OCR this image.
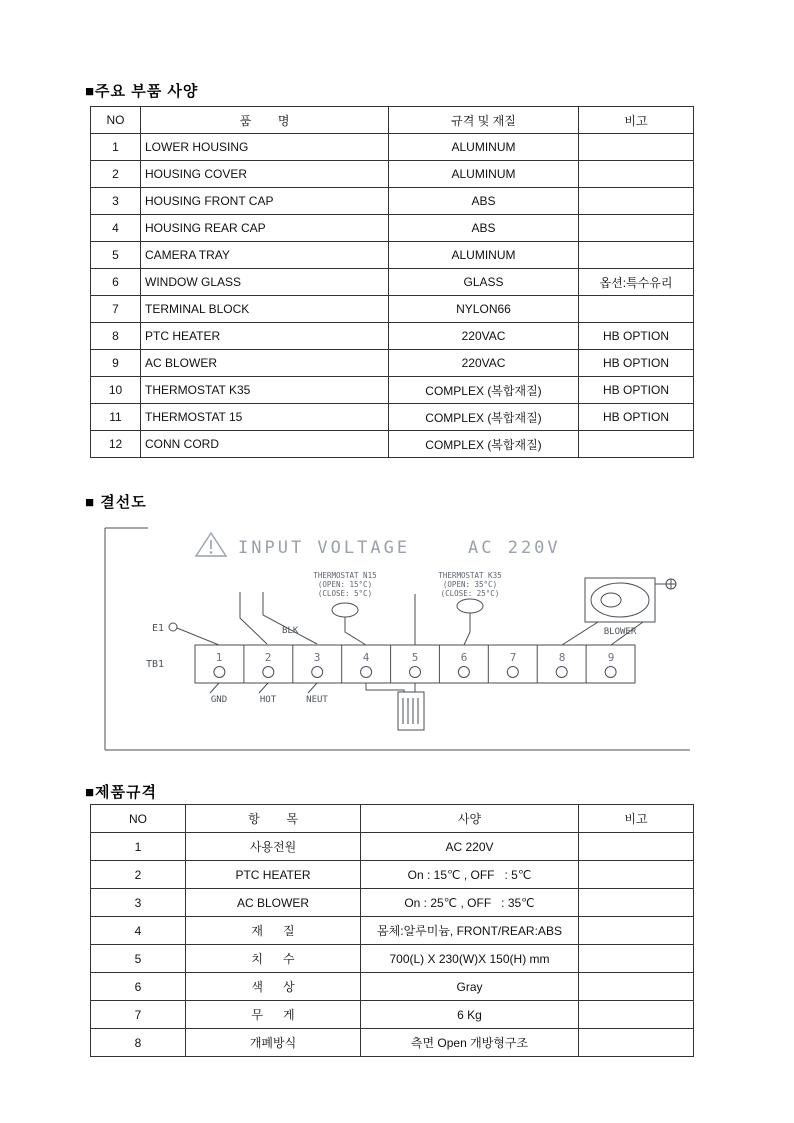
■주요 부품 사양
NO	품        명	규격 및 재질	비고
1	LOWER HOUSING	ALUMINUM	
2	HOUSING COVER	ALUMINUM	
3	HOUSING FRONT CAP	ABS	
4	HOUSING REAR CAP	ABS	
5	CAMERA TRAY	ALUMINUM	
6	WINDOW GLASS	GLASS	옵션:특수유리
7	TERMINAL BLOCK	NYLON66	
8	PTC HEATER	220VAC	HB OPTION
9	AC BLOWER	220VAC	HB OPTION
10	THERMOSTAT K35	COMPLEX (복합재질)	HB OPTION
11	THERMOSTAT 15	COMPLEX (복합재질)	HB OPTION
12	CONN CORD	COMPLEX (복합재질)	
■ 결선도
INPUT VOLTAGE	AC 220V
THERMOSTAT N15
(OPEN: 15°C)
(CLOSE: 5°C)
THERMOSTAT K35
(OPEN: 35°C)
(CLOSE: 25°C)
1	2	3	4	5	6	7	8	9
TB1
E1	BLK
GND	HOT	NEUT
BLOWER
■제품규격
NO	항        목	사양	비고
1	사용전원	AC 220V	
2	PTC HEATER	On : 15℃ , OFF   : 5℃	
3	AC BLOWER	On : 25℃ , OFF   : 35℃	
4	재      질	몸체:알루미늄, FRONT/REAR:ABS	
5	치      수	700(L) X 230(W)X 150(H) mm	
6	색      상	Gray	
7	무      게	6 Kg	
8	개폐방식	측면 Open 개방형구조	
